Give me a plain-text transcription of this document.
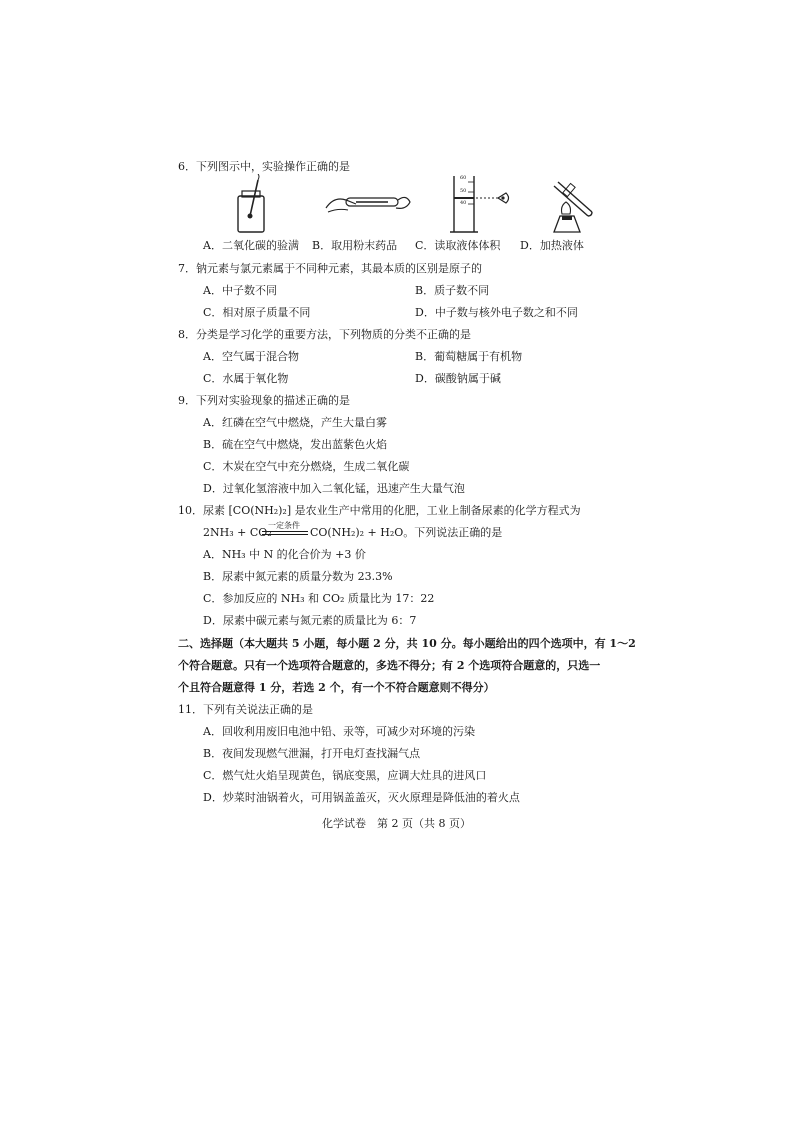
6．下列图示中，实验操作正确的是
60
50
40
A．二氧化碳的验满 B．取用粉末药品 C．读取液体体积 D．加热液体
7．钠元素与氯元素属于不同种元素，其最本质的区别是原子的
A．中子数不同	B．质子数不同
C．相对原子质量不同	D．中子数与核外电子数之和不同
8．分类是学习化学的重要方法，下列物质的分类不正确的是
A．空气属于混合物	B．葡萄糖属于有机物
C．水属于氧化物	D．碳酸钠属于碱
9．下列对实验现象的描述正确的是
A．红磷在空气中燃烧，产生大量白雾
B．硫在空气中燃烧，发出蓝紫色火焰
C．木炭在空气中充分燃烧，生成二氧化碳
D．过氧化氢溶液中加入二氧化锰，迅速产生大量气泡
10．尿素 [CO(NH₂)₂] 是农业生产中常用的化肥，工业上制备尿素的化学方程式为
2NH₃ + CO₂
一定条件
CO(NH₂)₂ + H₂O。下列说法正确的是
A．NH₃ 中 N 的化合价为 +3 价
B．尿素中氮元素的质量分数为 23.3%
C．参加反应的 NH₃ 和 CO₂ 质量比为 17：22
D．尿素中碳元素与氮元素的质量比为 6：7
二、选择题（本大题共 5 小题，每小题 2 分，共 10 分。每小题给出的四个选项中，有 1～2
个符合题意。只有一个选项符合题意的，多选不得分；有 2 个选项符合题意的，只选一
个且符合题意得 1 分，若选 2 个，有一个不符合题意则不得分）
11．下列有关说法正确的是
A．回收利用废旧电池中铅、汞等，可减少对环境的污染
B．夜间发现燃气泄漏，打开电灯查找漏气点
C．燃气灶火焰呈现黄色，锅底变黑，应调大灶具的进风口
D．炒菜时油锅着火，可用锅盖盖灭，灭火原理是降低油的着火点
化学试卷　第 2 页（共 8 页）
